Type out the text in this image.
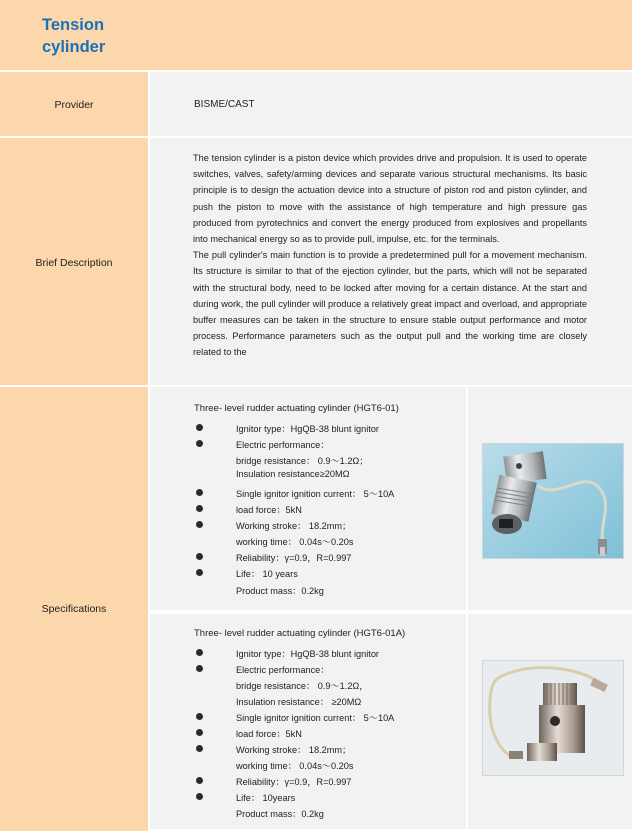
Tension cylinder
Provider	BISME/CAST
Brief Description

The tension cylinder is a piston device which provides drive and propulsion. It is used to operate switches, valves, safety/arming devices and separate various structural mechanisms. Its basic principle is to design the actuation device into a structure of piston rod and piston cylinder, and push the piston to move with the assistance of high temperature and high pressure gas produced from pyrotechnics and convert the energy produced from explosives and propellants into mechanical energy so as to provide pull, impulse, etc. for the terminals.

The pull cylinder's main function is to provide a predetermined pull for a movement mechanism. Its structure is similar to that of the ejection cylinder, but the parts, which will not be separated with the structural body, need to be locked after moving for a certain distance. At the start and during work, the pull cylinder will produce a relatively great impact and overload, and appropriate buffer measures can be taken in the structure to ensure stable output performance and motor process. Performance parameters such as the output pull and the working time are closely related to the

Specifications
Three- level rudder actuating cylinder (HGT6-01)
Ignitor type：HgQB-38 blunt ignitor
Electric performance：
bridge resistance： 0.9～1.2Ω；
Insulation resistance≥20MΩ
Single ignitor ignition current： 5～10A
load force：5kN
Working stroke： 18.2mm；
working time： 0.04s～0.20s
Reliability：γ=0.9，R=0.997
Life： 10 years
Product mass：0.2kg
Three- level rudder actuating cylinder (HGT6-01A)
Ignitor type：HgQB-38 blunt ignitor
Electric performance：
bridge resistance： 0.9～1.2Ω，
Insulation resistance： ≥20MΩ
Single ignitor ignition current： 5～10A
load force：5kN
Working stroke： 18.2mm；
working time： 0.04s～0.20s
Reliability：γ=0.9，R=0.997
Life： 10years
Product mass：0.2kg
